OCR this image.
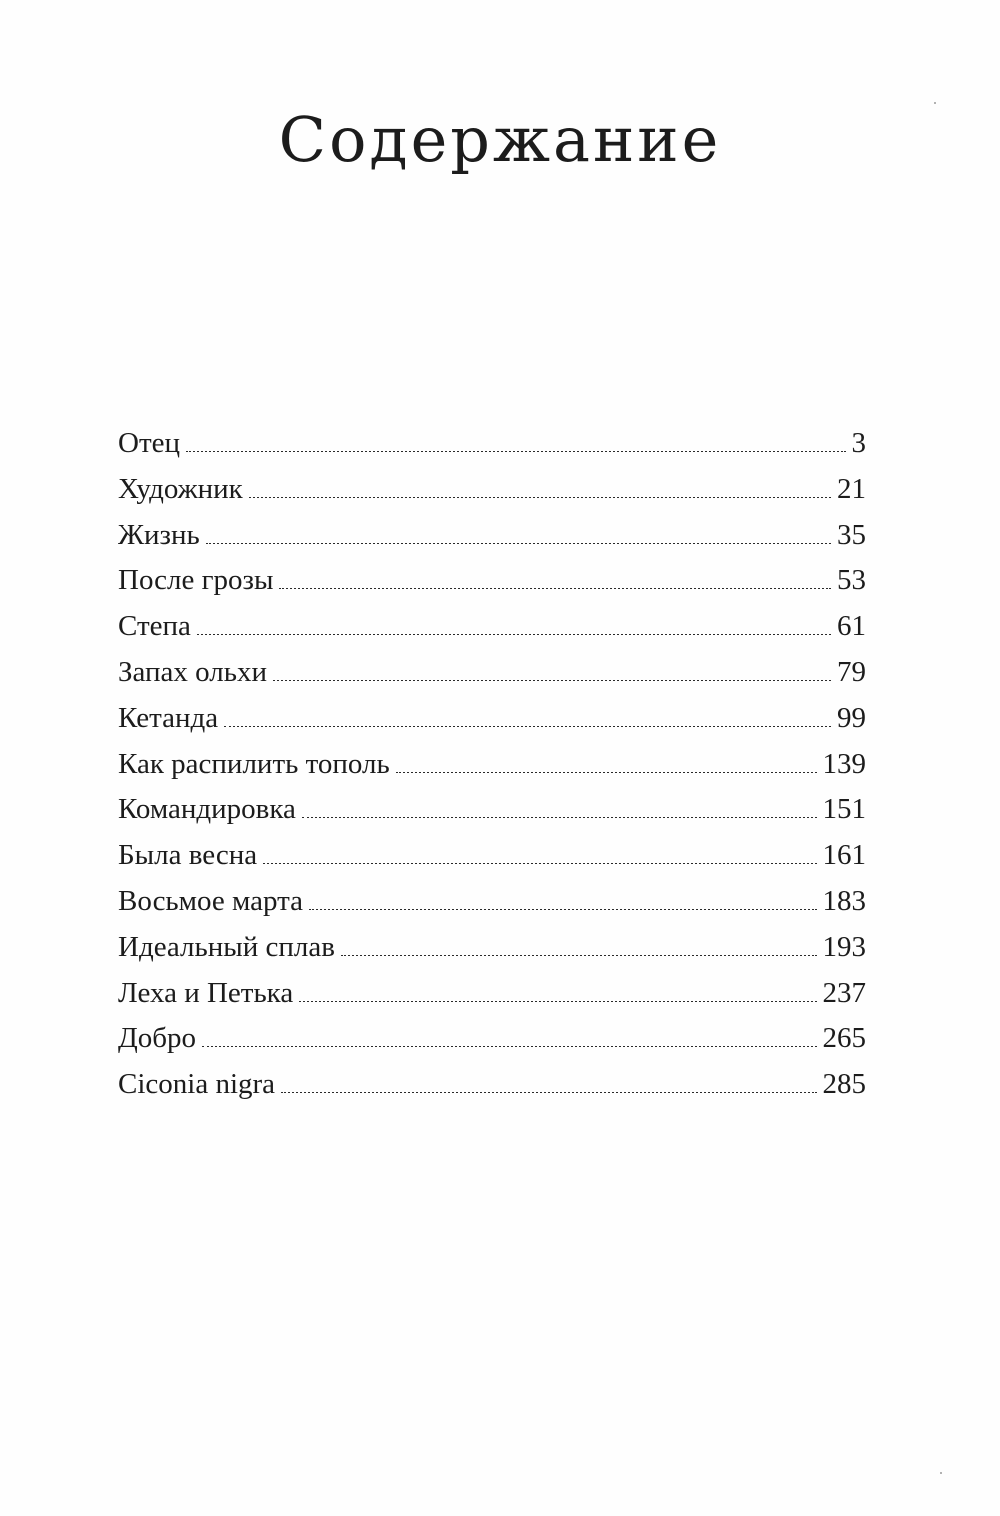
Содержание
Отец	3
Художник	21
Жизнь	35
После грозы	53
Степа	61
Запах ольхи	79
Кетанда	99
Как распилить тополь	139
Командировка	151
Была весна	161
Восьмое марта	183
Идеальный сплав	193
Леха и Петька	237
Добро	265
Ciconia nigra	285
